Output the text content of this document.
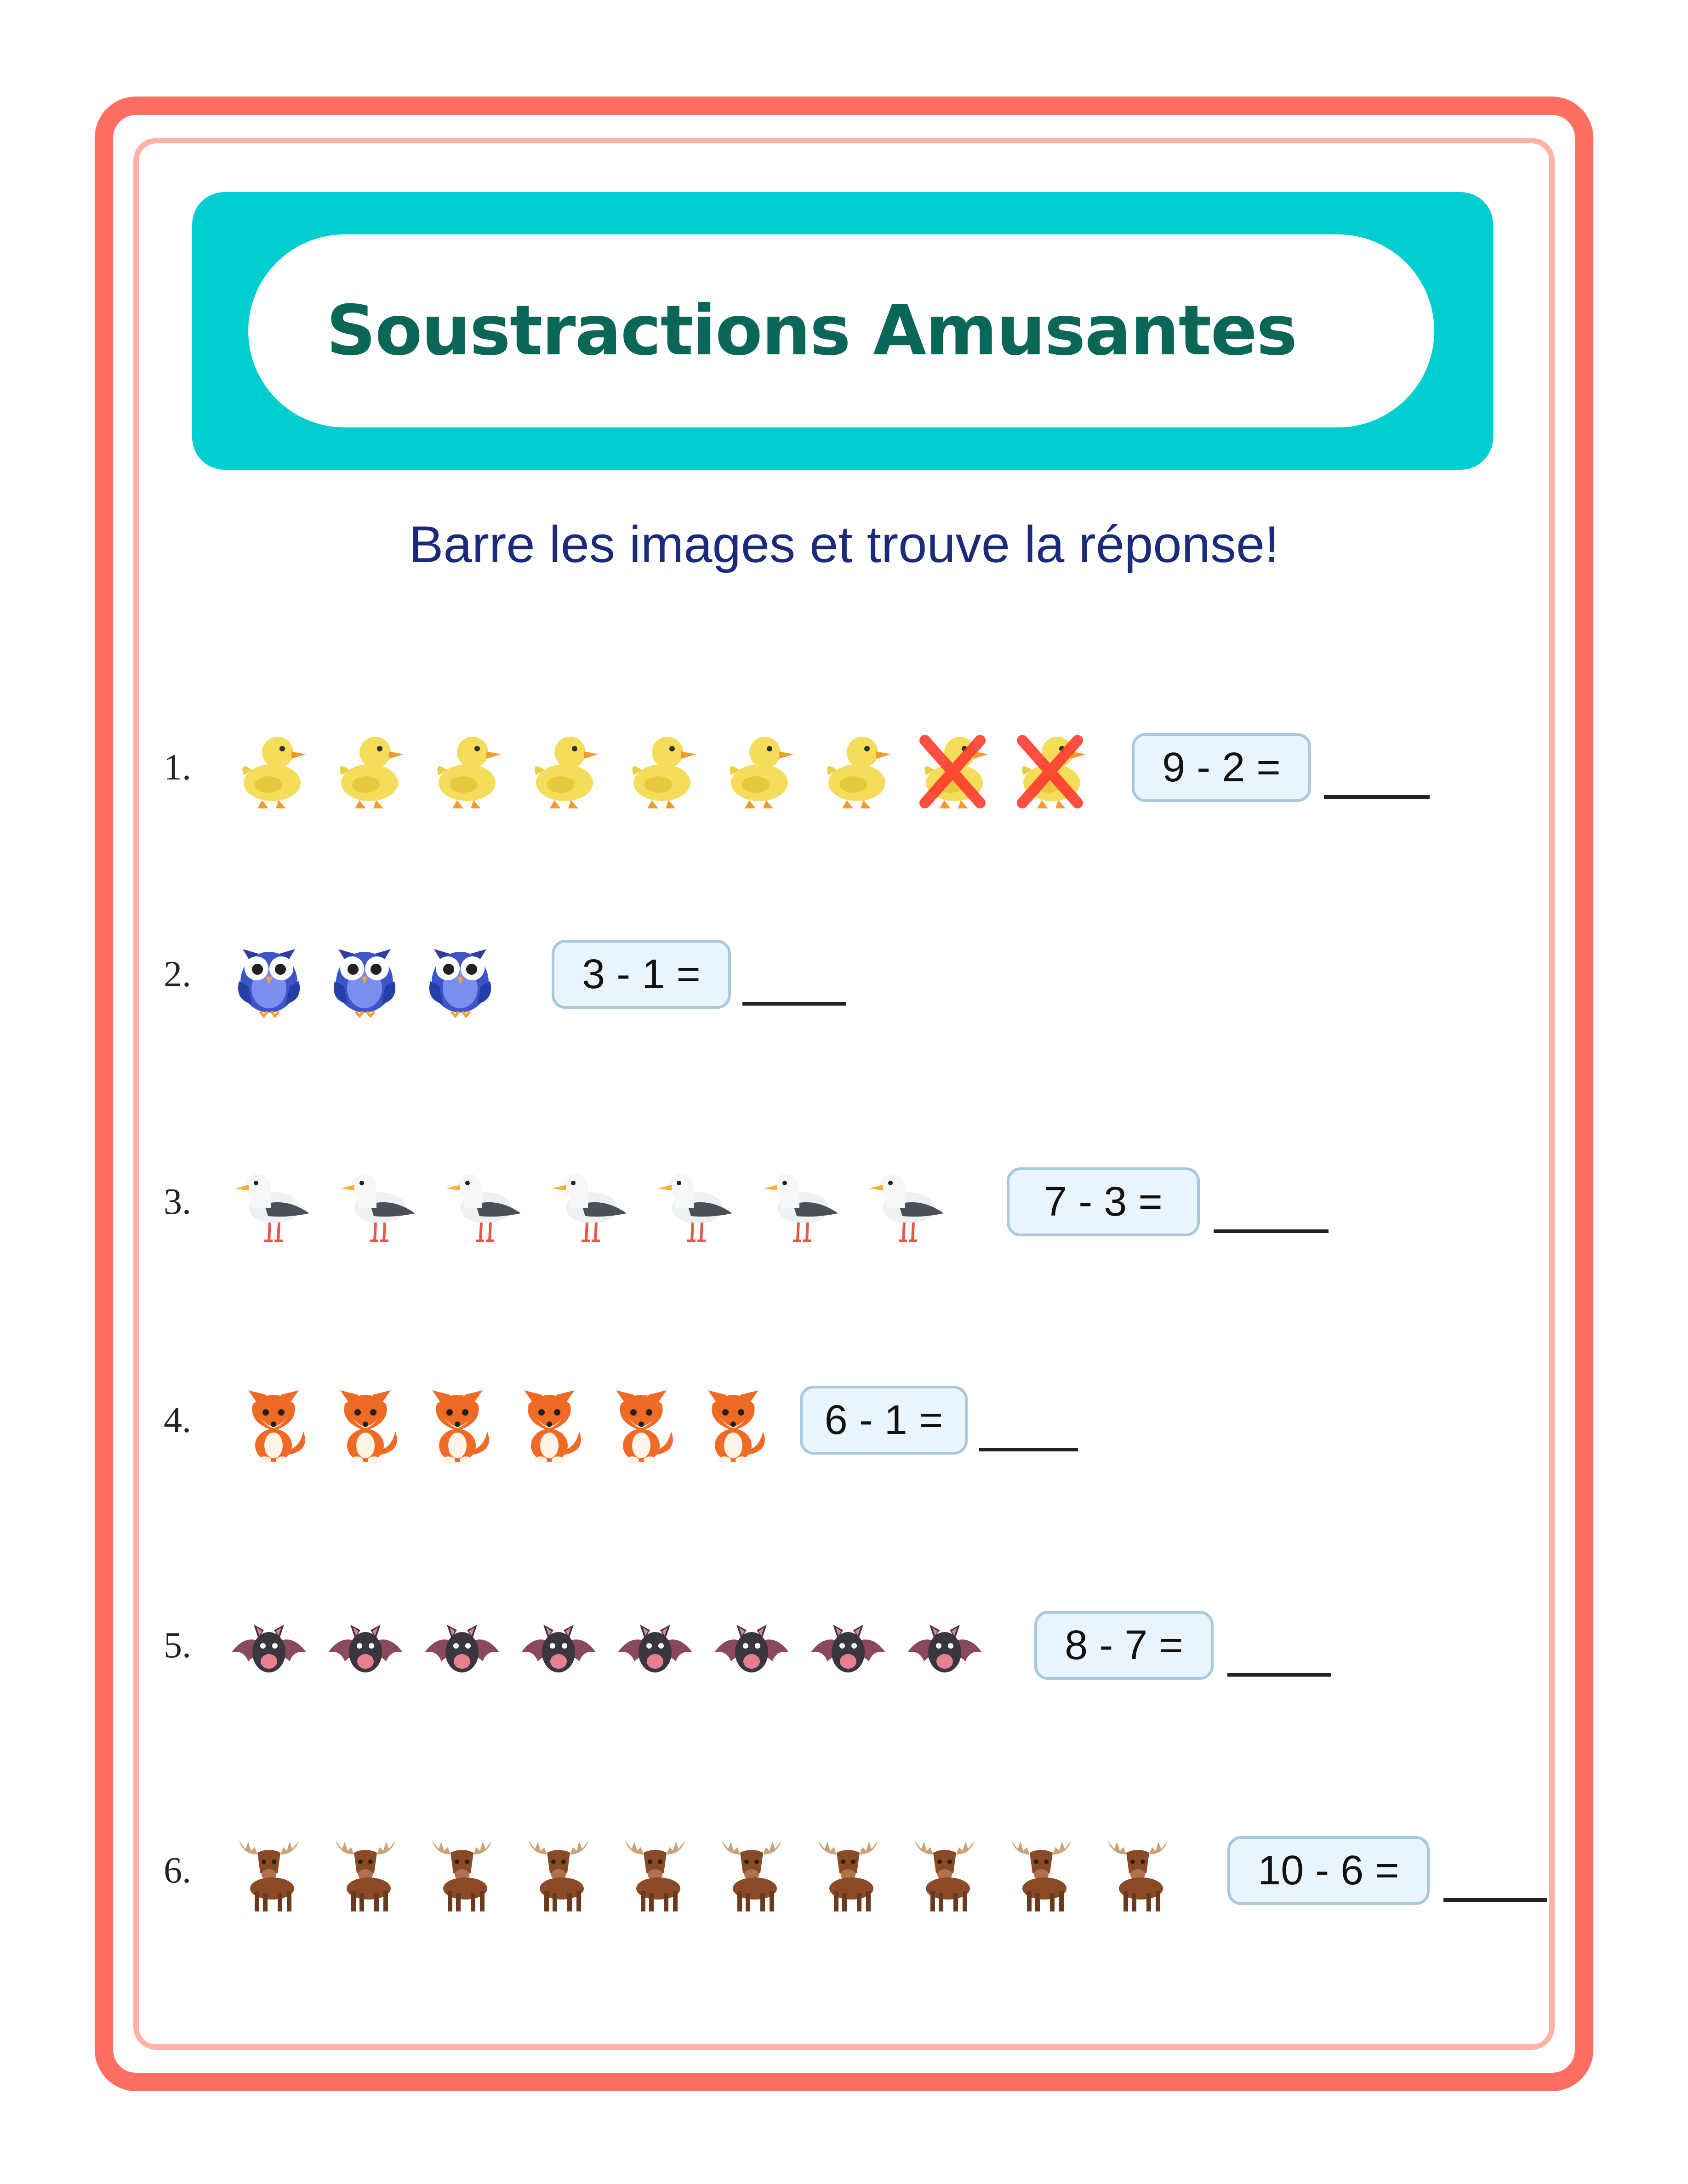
Soustractions Amusantes
Barre les images et trouve la réponse!
1.	9 - 2 =
2.	3 - 1 =
3.	7 - 3 =
4.	6 - 1 =
5.	8 - 7 =
6.	10 - 6 =
